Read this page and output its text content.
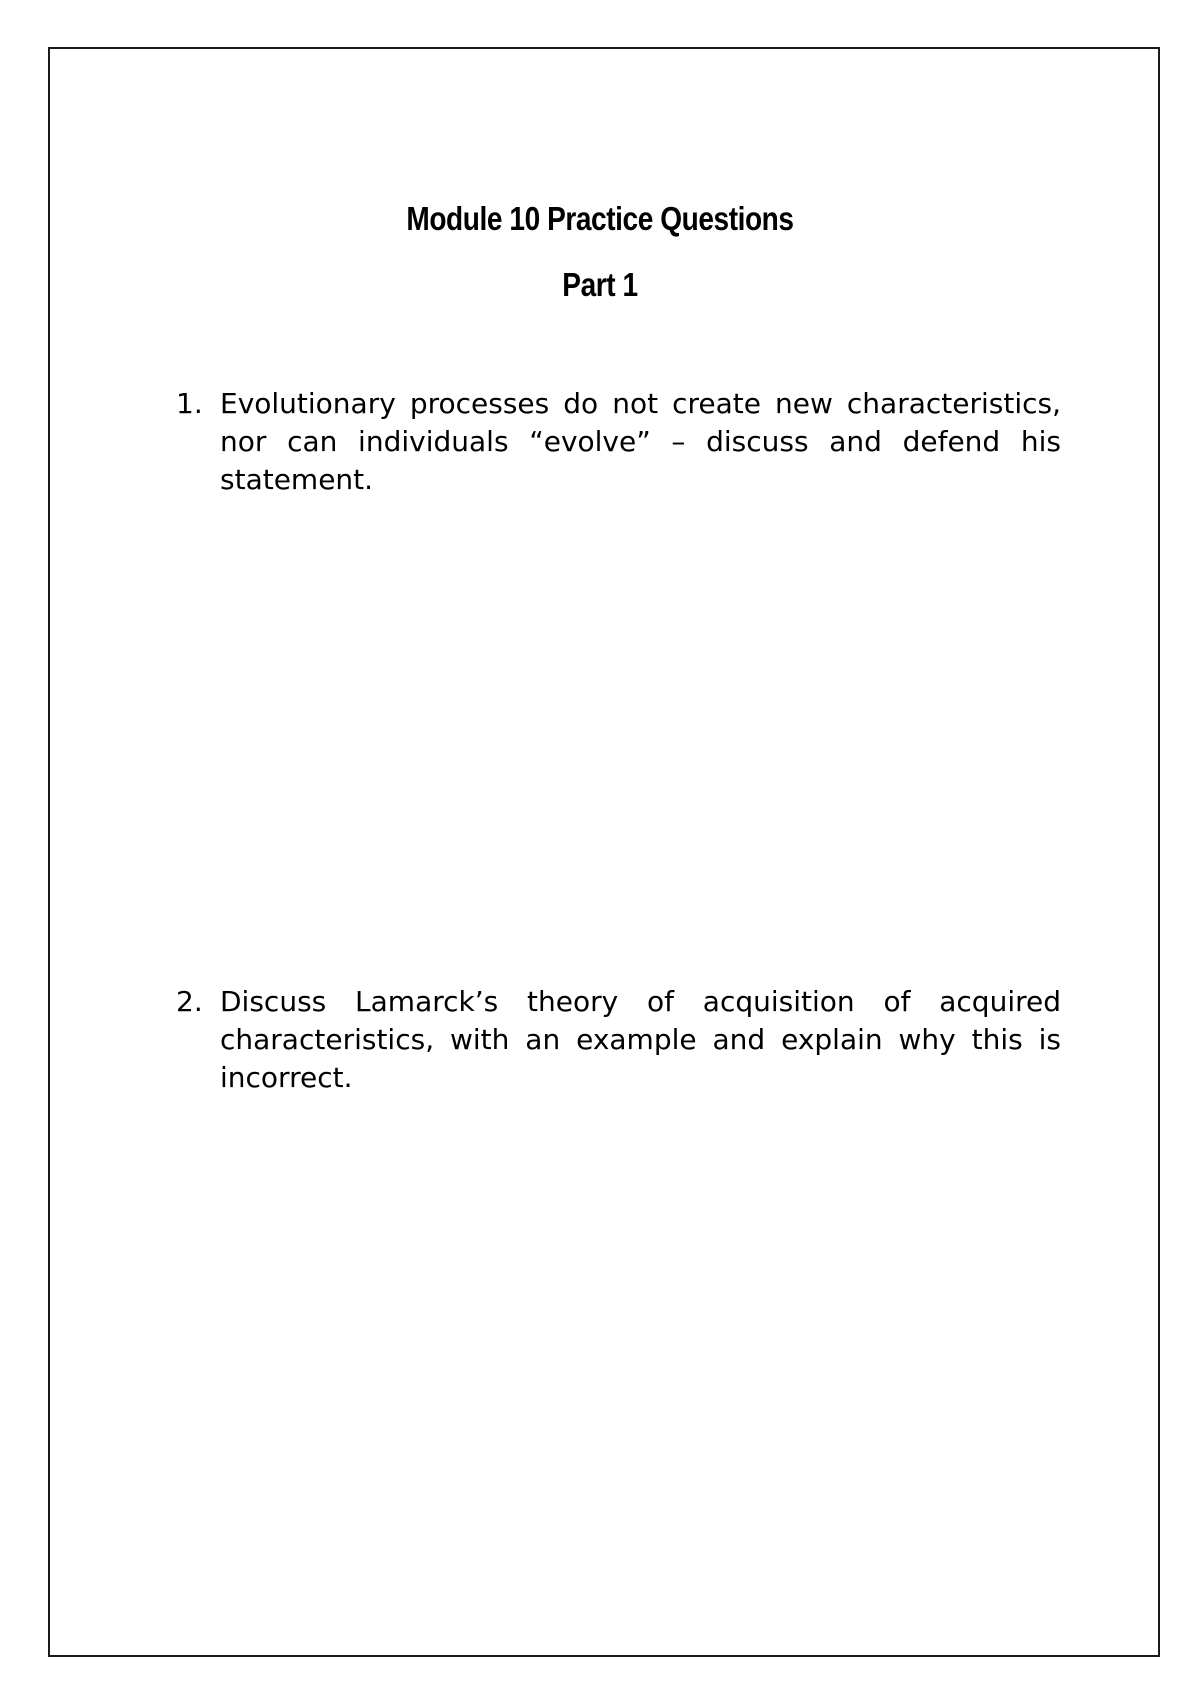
Module 10 Practice Questions
Part 1
1. Evolutionary processes do not create new characteristics, nor can individuals “evolve” – discuss and defend his statement.
2. Discuss Lamarck’s theory of acquisition of acquired characteristics, with an example and explain why this is incorrect.
